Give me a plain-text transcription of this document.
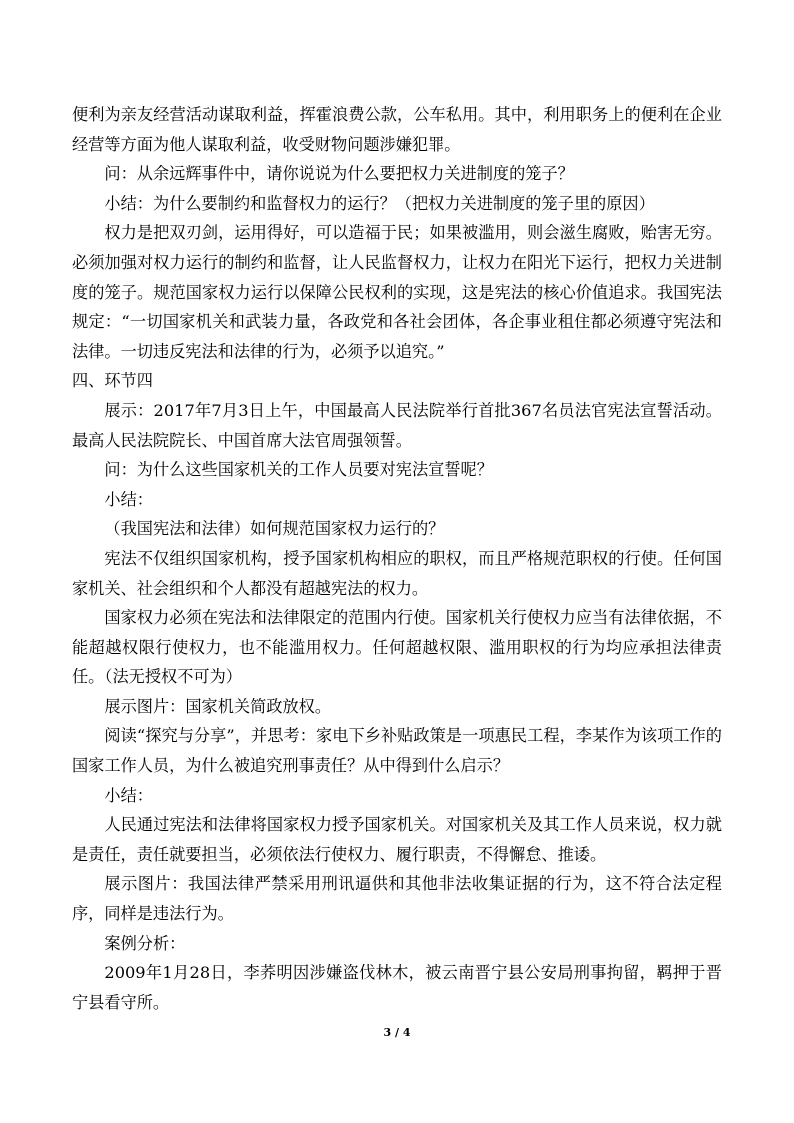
便利为亲友经营活动谋取利益，挥霍浪费公款，公车私用。其中，利用职务上的便利在企业经营等方面为他人谋取利益，收受财物问题涉嫌犯罪。

问：从余远辉事件中，请你说说为什么要把权力关进制度的笼子？

小结：为什么要制约和监督权力的运行？（把权力关进制度的笼子里的原因）

权力是把双刃剑，运用得好，可以造福于民；如果被滥用，则会滋生腐败，贻害无穷。必须加强对权力运行的制约和监督，让人民监督权力，让权力在阳光下运行，把权力关进制度的笼子。规范国家权力运行以保障公民权利的实现，这是宪法的核心价值追求。我国宪法规定：“一切国家机关和武装力量，各政党和各社会团体，各企事业租住都必须遵守宪法和法律。一切违反宪法和法律的行为，必须予以追究。”

四、环节四

展示：2017年7月3日上午，中国最高人民法院举行首批367名员法官宪法宣誓活动。最高人民法院院长、中国首席大法官周强领誓。

问：为什么这些国家机关的工作人员要对宪法宣誓呢？

小结：

（我国宪法和法律）如何规范国家权力运行的？

宪法不仅组织国家机构，授予国家机构相应的职权，而且严格规范职权的行使。任何国家机关、社会组织和个人都没有超越宪法的权力。

国家权力必须在宪法和法律限定的范围内行使。国家机关行使权力应当有法律依据，不能超越权限行使权力，也不能滥用权力。任何超越权限、滥用职权的行为均应承担法律责任。（法无授权不可为）

展示图片：国家机关简政放权。

阅读“探究与分享”，并思考：家电下乡补贴政策是一项惠民工程，李某作为该项工作的国家工作人员，为什么被追究刑事责任？从中得到什么启示？

小结：

人民通过宪法和法律将国家权力授予国家机关。对国家机关及其工作人员来说，权力就是责任，责任就要担当，必须依法行使权力、履行职责，不得懈怠、推诿。

展示图片：我国法律严禁采用刑讯逼供和其他非法收集证据的行为，这不符合法定程序，同样是违法行为。

案例分析：

2009年1月28日，李荞明因涉嫌盗伐林木，被云南晋宁县公安局刑事拘留，羁押于晋宁县看守所。

3 / 4
